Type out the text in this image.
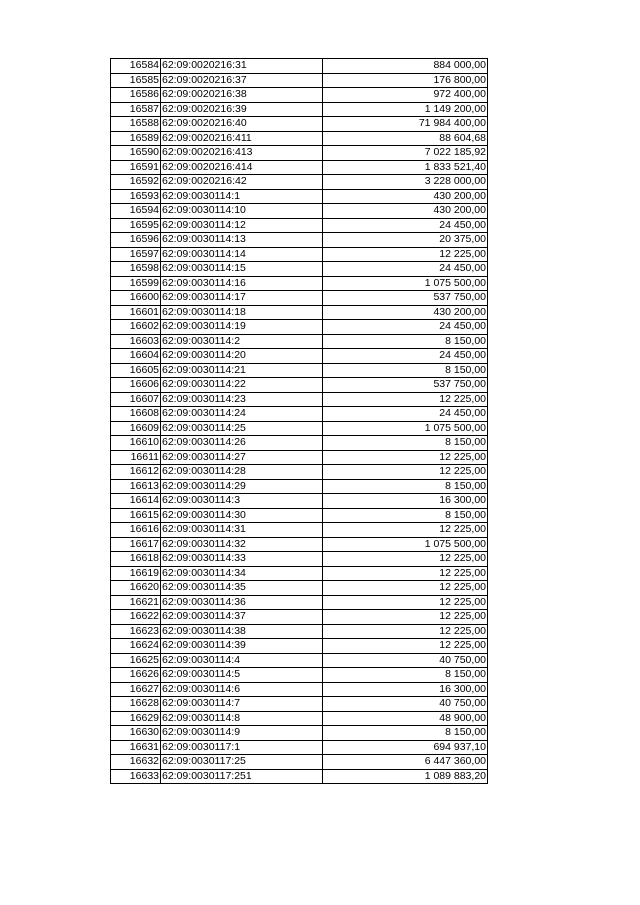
16584	62:09:0020216:31	884 000,00
16585	62:09:0020216:37	176 800,00
16586	62:09:0020216:38	972 400,00
16587	62:09:0020216:39	1 149 200,00
16588	62:09:0020216:40	71 984 400,00
16589	62:09:0020216:411	88 604,68
16590	62:09:0020216:413	7 022 185,92
16591	62:09:0020216:414	1 833 521,40
16592	62:09:0020216:42	3 228 000,00
16593	62:09:0030114:1	430 200,00
16594	62:09:0030114:10	430 200,00
16595	62:09:0030114:12	24 450,00
16596	62:09:0030114:13	20 375,00
16597	62:09:0030114:14	12 225,00
16598	62:09:0030114:15	24 450,00
16599	62:09:0030114:16	1 075 500,00
16600	62:09:0030114:17	537 750,00
16601	62:09:0030114:18	430 200,00
16602	62:09:0030114:19	24 450,00
16603	62:09:0030114:2	8 150,00
16604	62:09:0030114:20	24 450,00
16605	62:09:0030114:21	8 150,00
16606	62:09:0030114:22	537 750,00
16607	62:09:0030114:23	12 225,00
16608	62:09:0030114:24	24 450,00
16609	62:09:0030114:25	1 075 500,00
16610	62:09:0030114:26	8 150,00
16611	62:09:0030114:27	12 225,00
16612	62:09:0030114:28	12 225,00
16613	62:09:0030114:29	8 150,00
16614	62:09:0030114:3	16 300,00
16615	62:09:0030114:30	8 150,00
16616	62:09:0030114:31	12 225,00
16617	62:09:0030114:32	1 075 500,00
16618	62:09:0030114:33	12 225,00
16619	62:09:0030114:34	12 225,00
16620	62:09:0030114:35	12 225,00
16621	62:09:0030114:36	12 225,00
16622	62:09:0030114:37	12 225,00
16623	62:09:0030114:38	12 225,00
16624	62:09:0030114:39	12 225,00
16625	62:09:0030114:4	40 750,00
16626	62:09:0030114:5	8 150,00
16627	62:09:0030114:6	16 300,00
16628	62:09:0030114:7	40 750,00
16629	62:09:0030114:8	48 900,00
16630	62:09:0030114:9	8 150,00
16631	62:09:0030117:1	694 937,10
16632	62:09:0030117:25	6 447 360,00
16633	62:09:0030117:251	1 089 883,20
